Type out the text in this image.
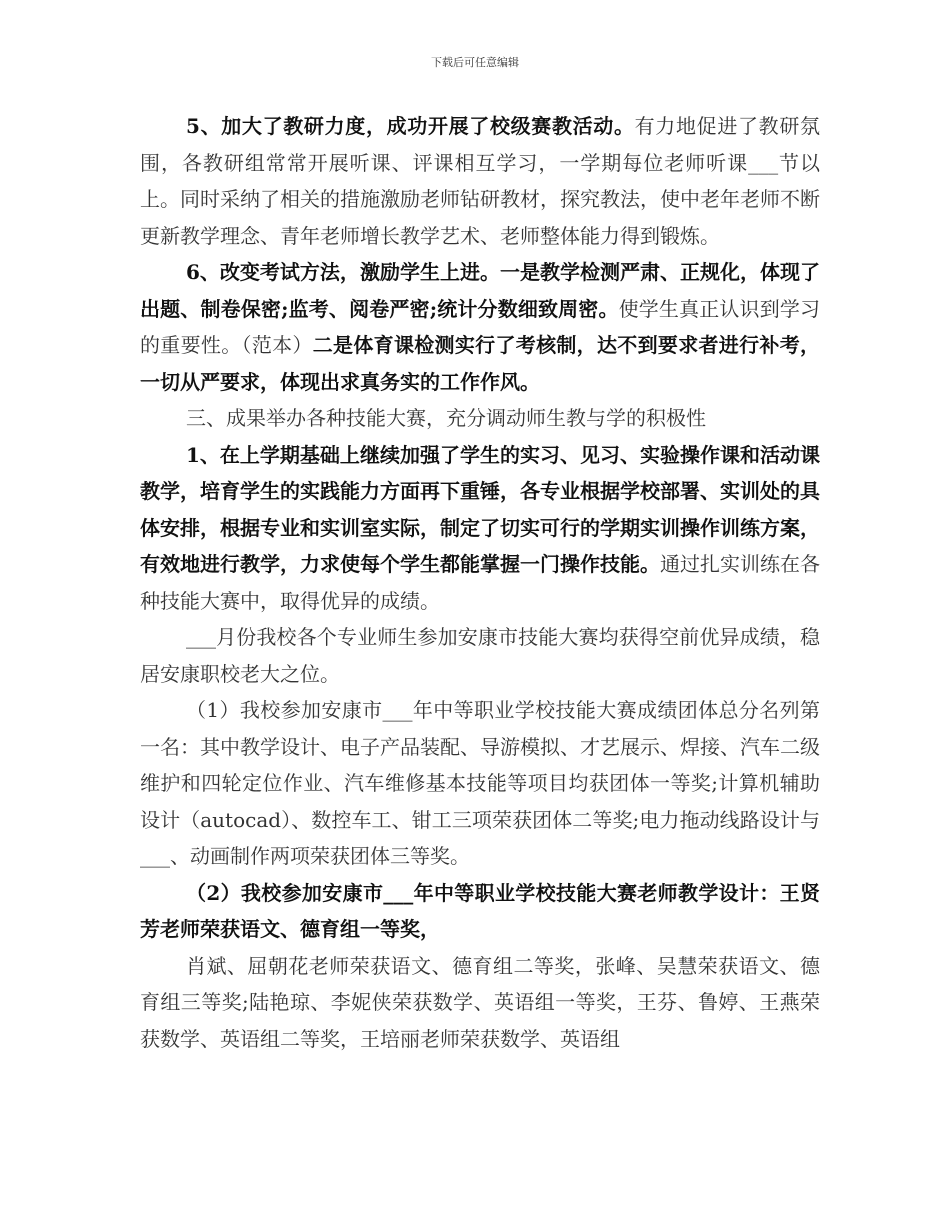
下载后可任意编辑

5、加大了教研力度，成功开展了校级赛教活动。有力地促进了教研氛围，各教研组常常开展听课、评课相互学习，一学期每位老师听课___节以上。同时采纳了相关的措施激励老师钻研教材，探究教法，使中老年老师不断更新教学理念、青年老师增长教学艺术、老师整体能力得到锻炼。

6、改变考试方法，激励学生上进。一是教学检测严肃、正规化，体现了出题、制卷保密;监考、阅卷严密;统计分数细致周密。使学生真正认识到学习的重要性。（范本）二是体育课检测实行了考核制，达不到要求者进行补考，一切从严要求，体现出求真务实的工作作风。

三、成果举办各种技能大赛，充分调动师生教与学的积极性

1、在上学期基础上继续加强了学生的实习、见习、实验操作课和活动课教学，培育学生的实践能力方面再下重锤，各专业根据学校部署、实训处的具体安排，根据专业和实训室实际，制定了切实可行的学期实训操作训练方案，有效地进行教学，力求使每个学生都能掌握一门操作技能。通过扎实训练在各种技能大赛中，取得优异的成绩。

___月份我校各个专业师生参加安康市技能大赛均获得空前优异成绩，稳居安康职校老大之位。

（1）我校参加安康市___年中等职业学校技能大赛成绩团体总分名列第一名：其中教学设计、电子产品装配、导游模拟、才艺展示、焊接、汽车二级维护和四轮定位作业、汽车维修基本技能等项目均获团体一等奖;计算机辅助设计（autocad）、数控车工、钳工三项荣获团体二等奖;电力拖动线路设计与___、动画制作两项荣获团体三等奖。

（2）我校参加安康市___年中等职业学校技能大赛老师教学设计：王贤芳老师荣获语文、德育组一等奖，

肖斌、屈朝花老师荣获语文、德育组二等奖，张峰、吴慧荣获语文、德育组三等奖;陆艳琼、李妮侠荣获数学、英语组一等奖，王芬、鲁婷、王燕荣获数学、英语组二等奖，王培丽老师荣获数学、英语组
